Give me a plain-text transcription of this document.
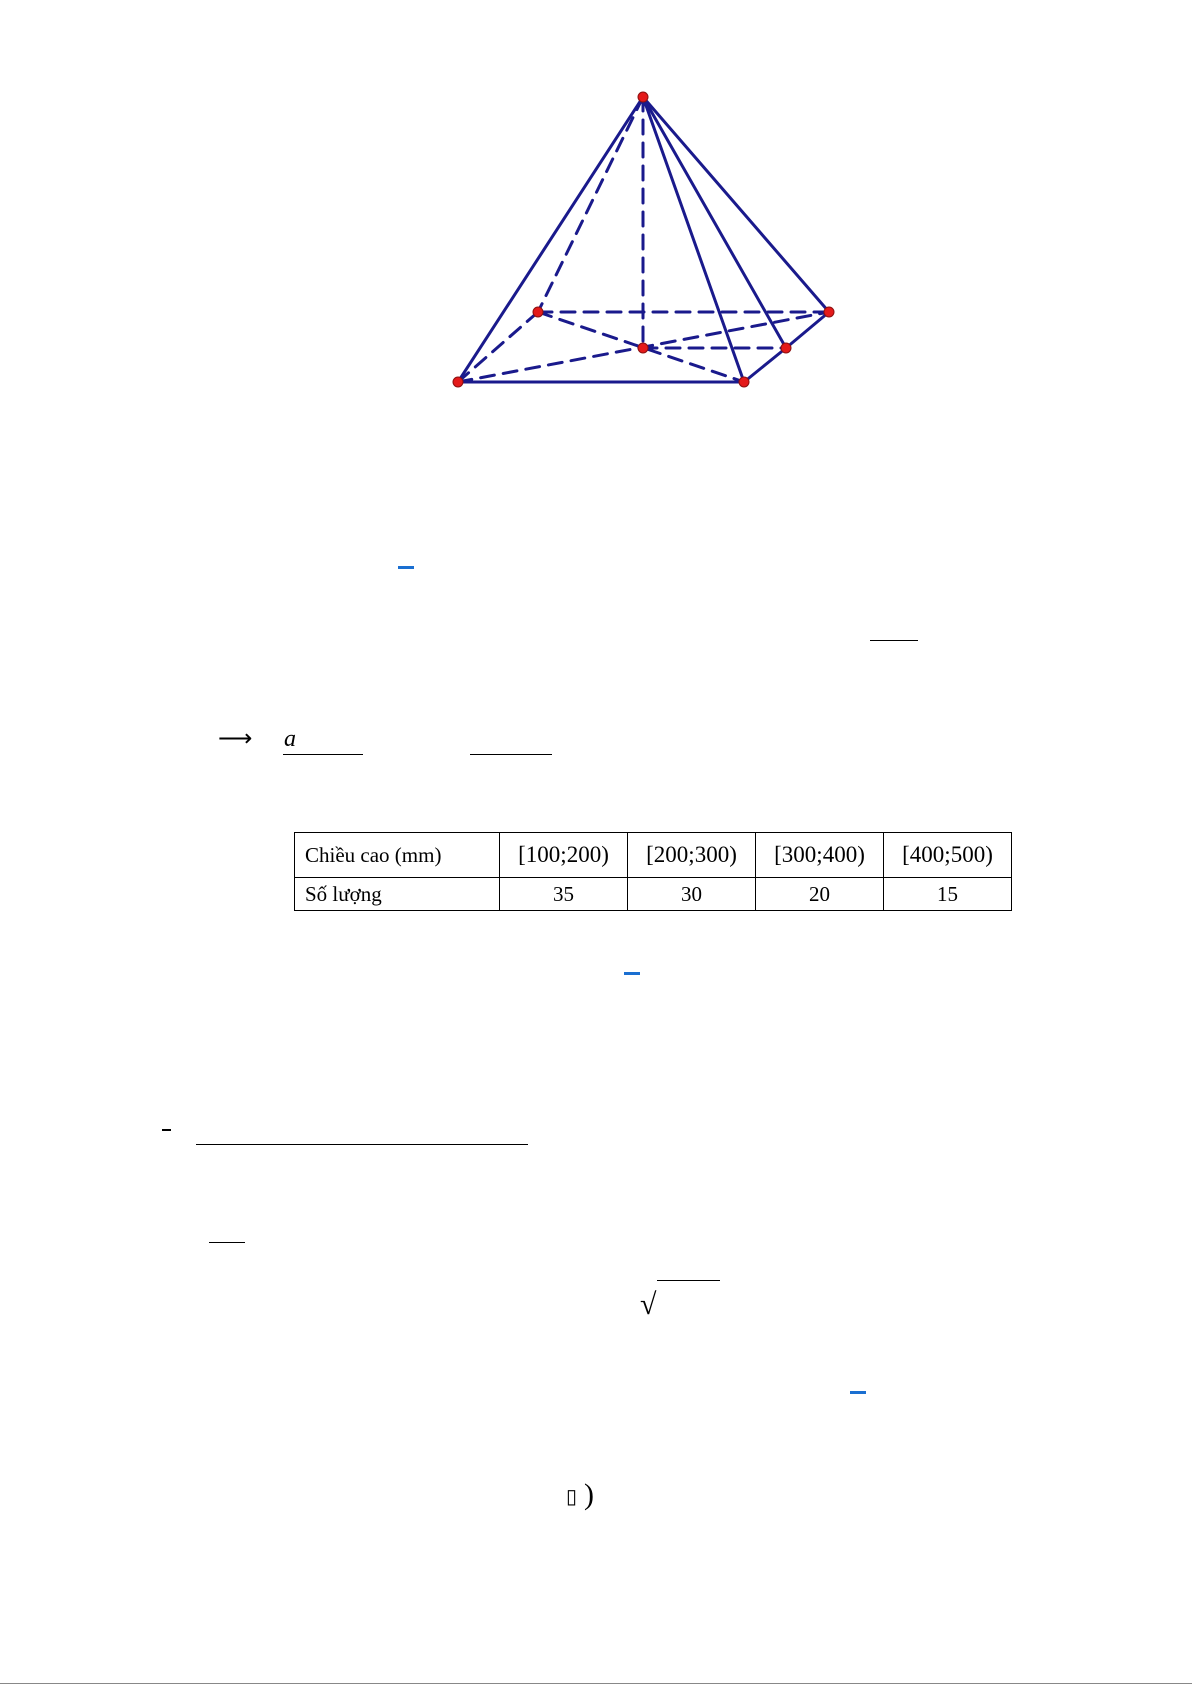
⟶ a
Chiều cao (mm)	[100;200)	[200;300)	[300;400)	[400;500)
Số lượng	35	30	20	15
√
▯ )
